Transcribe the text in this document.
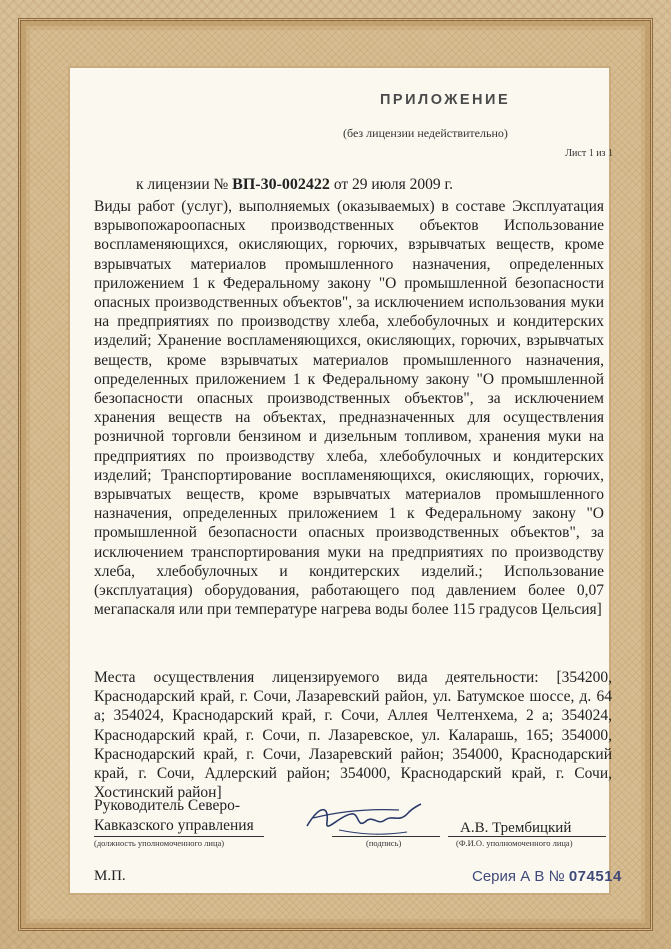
ПРИЛОЖЕНИЕ
(без лицензии недействительно)
Лист 1 из 1
к лицензии № ВП-30-002422 от 29 июля 2009 г.
Виды работ (услуг), выполняемых (оказываемых) в составе Эксплуатация взрывопожароопасных производственных объектов Использование воспламеняющихся, окисляющих, горючих, взрывчатых веществ, кроме взрывчатых материалов промышленного назначения, определенных приложением 1 к Федеральному закону "О промышленной безопасности опасных производственных объектов", за исключением использования муки на предприятиях по производству хлеба, хлебобулочных и кондитерских изделий; Хранение воспламеняющихся, окисляющих, горючих, взрывчатых веществ, кроме взрывчатых материалов промышленного назначения, определенных приложением 1 к Федеральному закону "О промышленной безопасности опасных производственных объектов", за исключением хранения веществ на объектах, предназначенных для осуществления розничной торговли бензином и дизельным топливом, хранения муки на предприятиях по производству хлеба, хлебобулочных и кондитерских изделий; Транспортирование воспламеняющихся, окисляющих, горючих, взрывчатых веществ, кроме взрывчатых материалов промышленного назначения, определенных приложением 1 к Федеральному закону "О промышленной безопасности опасных производственных объектов", за исключением транспортирования муки на предприятиях по производству хлеба, хлебобулочных и кондитерских изделий.; Использование (эксплуатация) оборудования, работающего под давлением более 0,07 мегапаскаля или при температуре нагрева воды более 115 градусов Цельсия]
Места осуществления лицензируемого вида деятельности: [354200, Краснодарский край, г. Сочи, Лазаревский район, ул. Батумское шоссе, д. 64 а; 354024, Краснодарский край, г. Сочи, Аллея Челтенхема, 2 а; 354024, Краснодарский край, г. Сочи, п. Лазаревское, ул. Каларашь, 165; 354000, Краснодарский край, г. Сочи, Лазаревский район; 354000, Краснодарский край, г. Сочи, Адлерский район; 354000, Краснодарский край, г. Сочи, Хостинский район]
Руководитель Северо-Кавказского управления
(должность уполномоченного лица)	(подпись)
А.В. Трембицкий
(Ф.И.О. уполномоченного лица)
М.П.	Серия А В № 074514
